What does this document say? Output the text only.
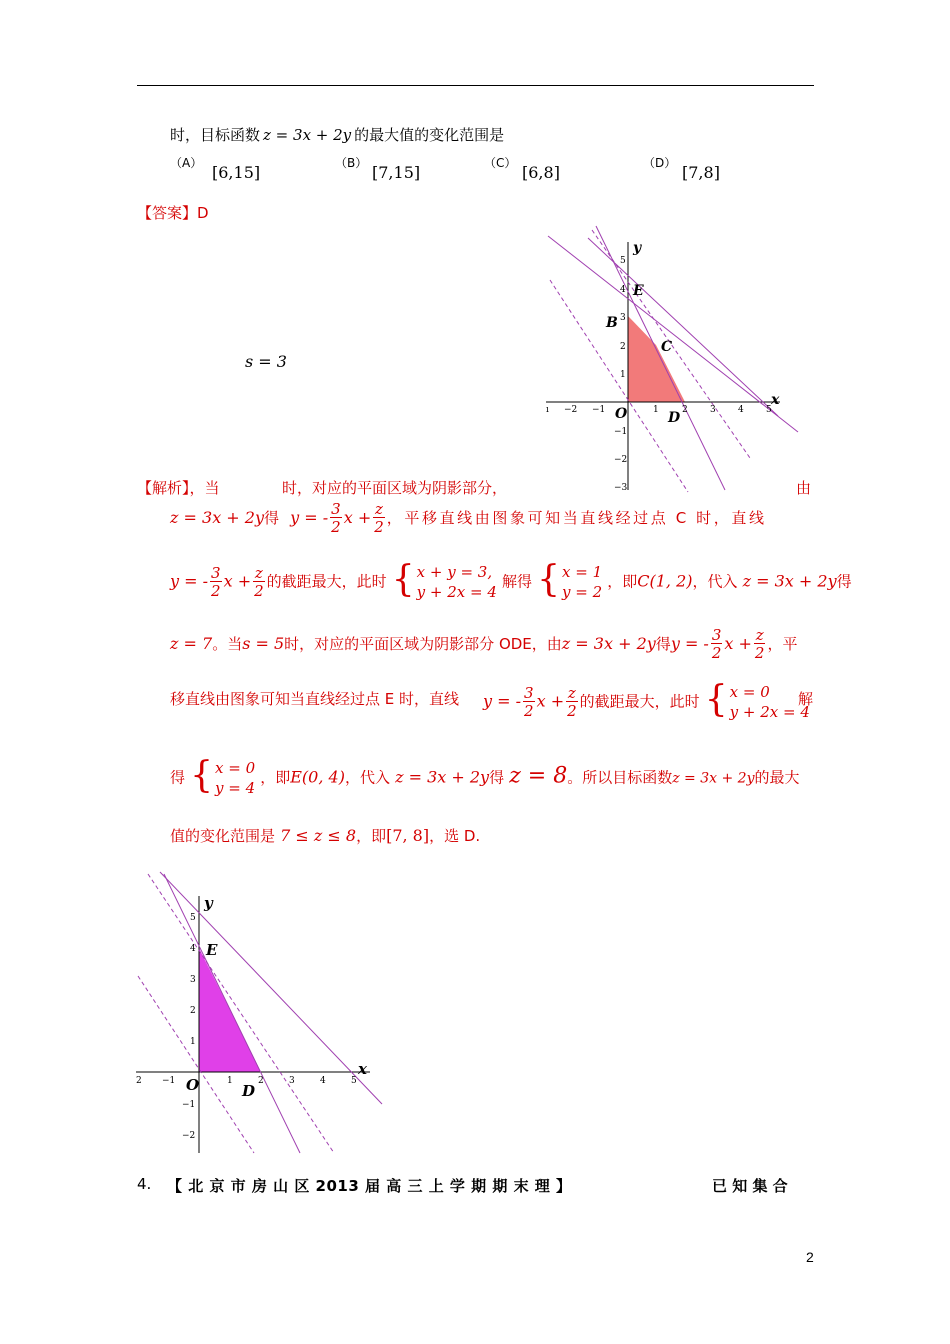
时，目标函数 z = 3x + 2y 的最大值的变化范围是
（A） [6,15]	（B） [7,15]	（C） [6,8]	（D） [7,8]
【答案】D
s = 3
ı −2 −1	1	2 3 4 5
5
4
3
2
1
−1
−2
−3
y
x
O
B
C
D
E
【解析】，当	时，对应的平面区域为阴影部分，	由
z = 3x + 2y得 y = - $\frac{3}{2}$ $x + \frac{z}{2}$ ，平移直线由图象可知当直线经过点 C 时，直线
y = - $\frac{3}{2}$ $x + \frac{z}{2}$ 的截距最大，此时 { x + y = 3,
y + 2x = 4
解得 { x = 1
y = 2
，即C(1, 2)，代入 z = 3x + 2y得
z = 7。当s = 5时，对应的平面区域为阴影部分 ODE，由z = 3x + 2y得y = - $\frac{3}{2}$ $x + \frac{z}{2}$ ，平
移直线由图象可知当直线经过点 E 时，直线 y = - $\frac{3}{2}$ $x + \frac{z}{2}$ 的截距最大，此时 { x = 0
y + 2x = 4
解
得 { x = 0
y = 4
，即E(0, 4)，代入 z = 3x + 2y得 z = 8。所以目标函数z = 3x + 2y的最大
值的变化范围是 7 ≤ z ≤ 8，即[7, 8]，选 D.
2 −1	1	2	3	4	5
5
4
3
2
1
−1
−2
y
x
O
E
D
4. 【 北 京 市 房 山 区 2013 届 高 三 上 学 期 期 末 理 】	已 知 集 合
2
